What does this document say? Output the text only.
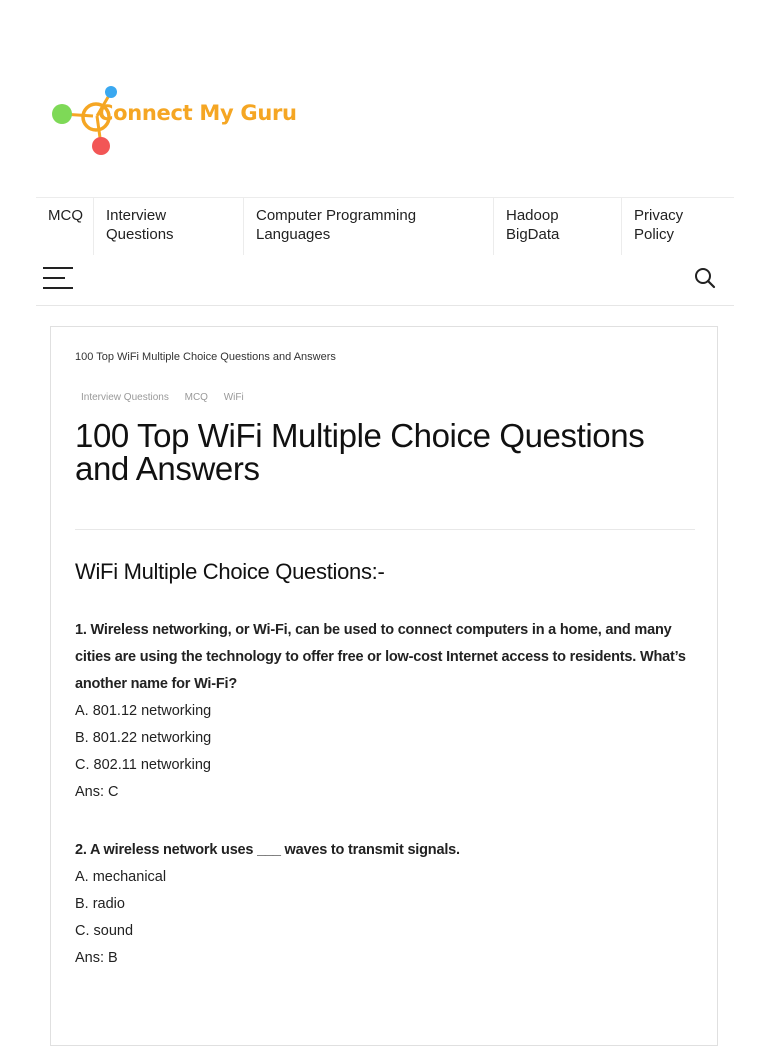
Connect My Guru
MCQ	Interview
Questions
Computer Programming
Languages
Hadoop
BigData
Privacy
Policy
100 Top WiFi Multiple Choice Questions and Answers
Interview Questions MCQ WiFi
100 Top WiFi Multiple Choice Questions and Answers
WiFi Multiple Choice Questions:-
1. Wireless networking, or Wi-Fi, can be used to connect computers in a home, and many cities are using the technology to offer free or low-cost Internet access to residents. What’s another name for Wi-Fi?
A. 801.12 networking
B. 801.22 networking
C. 802.11 networking
Ans: C
2. A wireless network uses ___ waves to transmit signals.
A. mechanical
B. radio
C. sound
Ans: B
